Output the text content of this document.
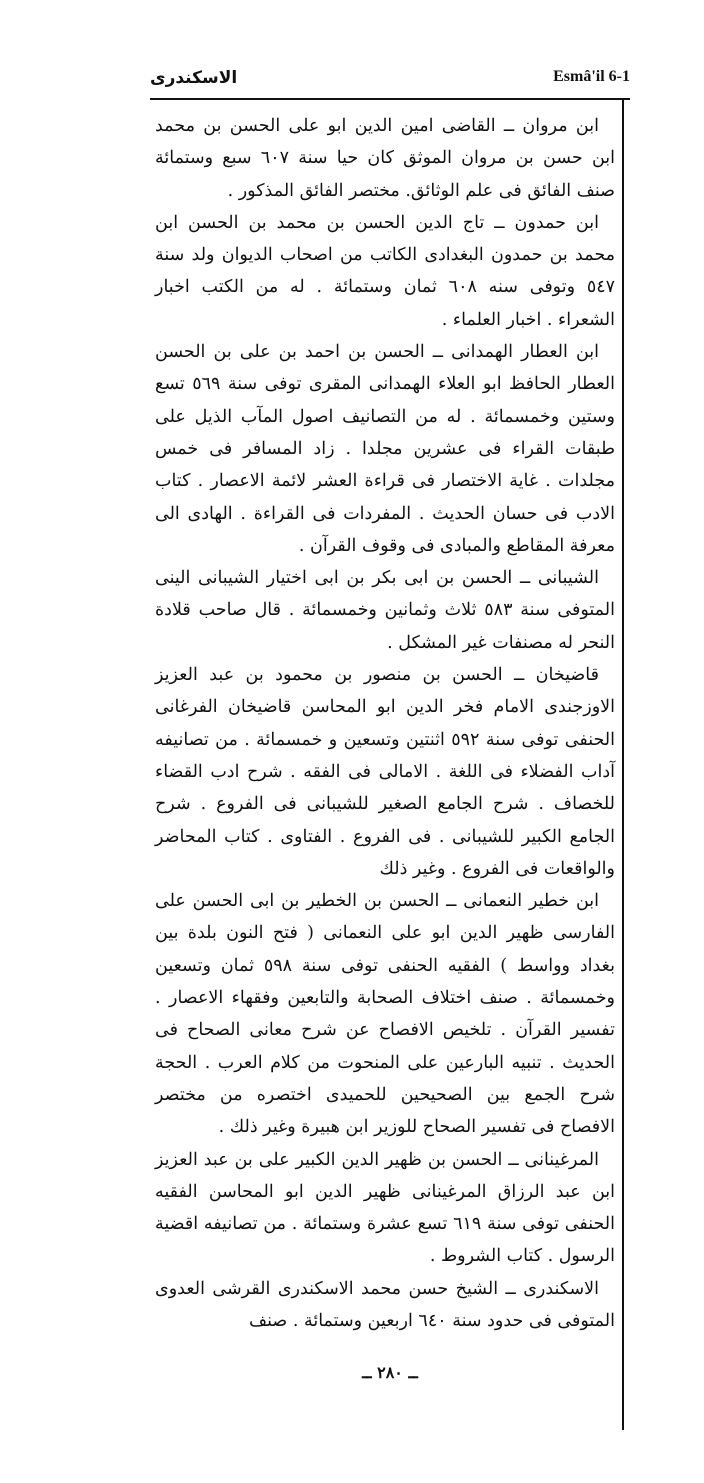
الاسكندرى	Esmâ'il 6-1

ابن مروان ــ القاضى امين الدين ابو على الحسن بن محمد ابن حسن بن مروان الموثق كان حيا سنة ٦٠٧ سبع وستمائة صنف الفائق فى علم الوثائق. مختصر الفائق المذكور .

ابن حمدون ــ تاج الدين الحسن بن محمد بن الحسن ابن محمد بن حمدون البغدادى الكاتب من اصحاب الديوان ولد سنة ٥٤٧ وتوفى سنه ٦٠٨ ثمان وستمائة . له من الكتب اخبار الشعراء . اخبار العلماء .

ابن العطار الهمدانى ــ الحسن بن احمد بن على بن الحسن العطار الحافظ ابو العلاء الهمدانى المقرى توفى سنة ٥٦٩ تسع وستين وخمسمائة . له من التصانيف اصول المآب الذيل على طبقات القراء فى عشرين مجلدا . زاد المسافر فى خمس مجلدات . غاية الاختصار فى قراءة العشر لائمة الاعصار . كتاب الادب فى حسان الحديث . المفردات فى القراءة . الهادى الى معرفة المقاطع والمبادى فى وقوف القرآن .

الشيبانى ــ الحسن بن ابى بكر بن ابى اختيار الشيبانى الينى المتوفى سنة ٥٨٣ ثلاث وثمانين وخمسمائة . قال صاحب قلادة النحر له مصنفات غير المشكل .

قاضيخان ــ الحسن بن منصور بن محمود بن عبد العزيز الاوزجندى الامام فخر الدين ابو المحاسن قاضيخان الفرغانى الحنفى توفى سنة ٥٩٢ اثنتين وتسعين و خمسمائة . من تصانيفه آداب الفضلاء فى اللغة . الامالى فى الفقه . شرح ادب القضاء للخصاف . شرح الجامع الصغير للشيبانى فى الفروع . شرح الجامع الكبير للشيبانى . فى الفروع . الفتاوى . كتاب المحاضر والواقعات فى الفروع . وغير ذلك

ابن خطير النعمانى ــ الحسن بن الخطير بن ابى الحسن على الفارسى ظهير الدين ابو على النعمانى ( فتح النون بلدة بين بغداد وواسط ) الفقيه الحنفى توفى سنة ٥٩٨ ثمان وتسعين وخمسمائة . صنف اختلاف الصحابة والتابعين وفقهاء الاعصار . تفسير القرآن . تلخيص الافصاح عن شرح معانى الصحاح فى الحديث . تنبيه البارعين على المنحوت من كلام العرب . الحجة شرح الجمع بين الصحيحين للحميدى اختصره من مختصر الافصاح فى تفسير الصحاح للوزير ابن هبيرة وغير ذلك .

المرغينانى ــ الحسن بن ظهير الدين الكبير على بن عبد العزيز ابن عبد الرزاق المرغينانى ظهير الدين ابو المحاسن الفقيه الحنفى توفى سنة ٦١٩ تسع عشرة وستمائة . من تصانيفه اقضية الرسول . كتاب الشروط .

الاسكندرى ــ الشيخ حسن محمد الاسكندرى القرشى العدوى المتوفى فى حدود سنة ٦٤٠ اربعين وستمائة . صنف

ــ ٢٨٠ ــ
